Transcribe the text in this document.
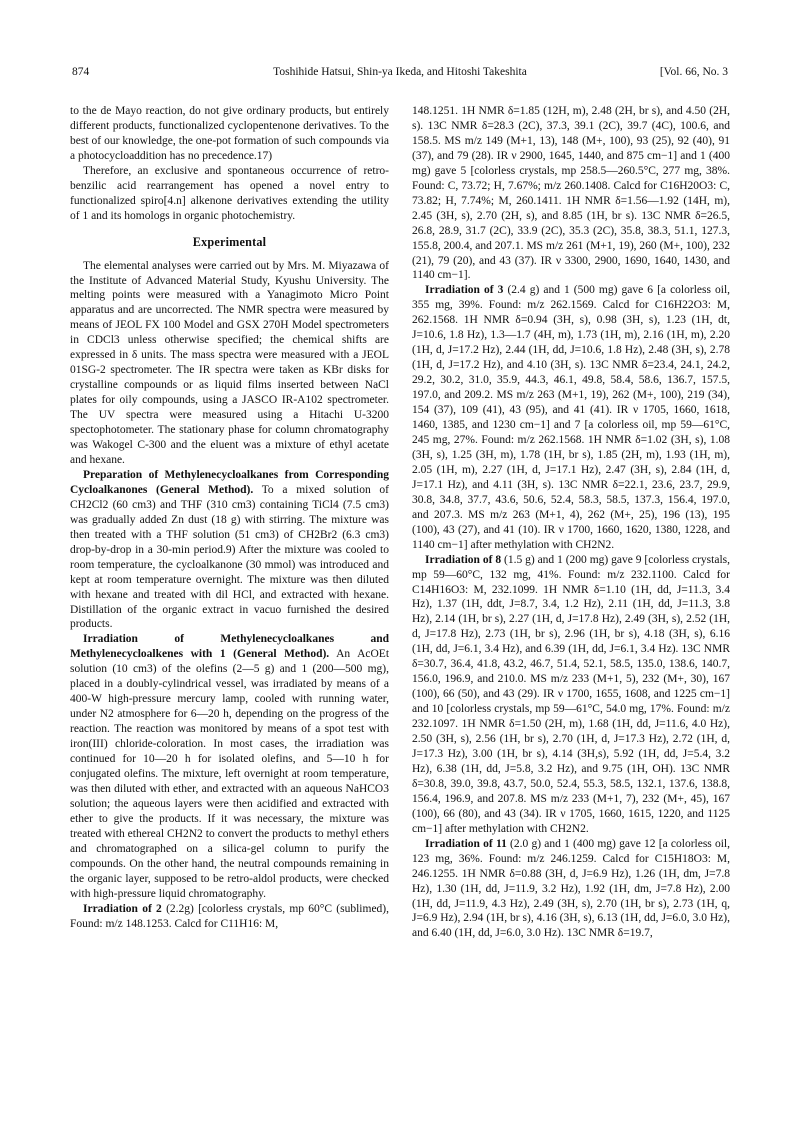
874	Toshihide Hatsui, Shin-ya Ikeda, and Hitoshi Takeshita	[Vol. 66, No. 3

to the de Mayo reaction, do not give ordinary products, but entirely different products, functionalized cyclopentenone derivatives. To the best of our knowledge, the one-pot formation of such compounds via a photocycloaddition has no precedence.17)

Therefore, an exclusive and spontaneous occurrence of retro-benzilic acid rearrangement has opened a novel entry to functionalized spiro[4.n] alkenone derivatives extending the utility of 1 and its homologs in organic photochemistry.

Experimental

The elemental analyses were carried out by Mrs. M. Miyazawa of the Institute of Advanced Material Study, Kyushu University. The melting points were measured with a Yanagimoto Micro Point apparatus and are uncorrected. The NMR spectra were measured by means of JEOL FX 100 Model and GSX 270H Model spectrometers in CDCl3 unless otherwise specified; the chemical shifts are expressed in δ units. The mass spectra were measured with a JEOL 01SG-2 spectrometer. The IR spectra were taken as KBr disks for crystalline compounds or as liquid films inserted between NaCl plates for oily compounds, using a JASCO IR-A102 spectrometer. The UV spectra were measured using a Hitachi U-3200 spectophotometer. The stationary phase for column chromatography was Wakogel C-300 and the eluent was a mixture of ethyl acetate and hexane.

Preparation of Methylenecycloalkanes from Corresponding Cycloalkanones (General Method). To a mixed solution of CH2Cl2 (60 cm3) and THF (310 cm3) containing TiCl4 (7.5 cm3) was gradually added Zn dust (18 g) with stirring. The mixture was then treated with a THF solution (51 cm3) of CH2Br2 (6.3 cm3) drop-by-drop in a 30-min period.9) After the mixture was cooled to room temperature, the cycloalkanone (30 mmol) was introduced and kept at room temperature overnight. The mixture was then diluted with hexane and treated with dil HCl, and extracted with hexane. Distillation of the organic extract in vacuo furnished the desired products.

Irradiation of Methylenecycloalkanes and Methylenecycloalkenes with 1 (General Method). An AcOEt solution (10 cm3) of the olefins (2—5 g) and 1 (200—500 mg), placed in a doubly-cylindrical vessel, was irradiated by means of a 400-W high-pressure mercury lamp, cooled with running water, under N2 atmosphere for 6—20 h, depending on the progress of the reaction. The reaction was monitored by means of a spot test with iron(III) chloride-coloration. In most cases, the irradiation was continued for 10—20 h for isolated olefins, and 5—10 h for conjugated olefins. The mixture, left overnight at room temperature, was then diluted with ether, and extracted with an aqueous NaHCO3 solution; the aqueous layers were then acidified and extracted with ether to give the products. If it was necessary, the mixture was treated with ethereal CH2N2 to convert the products to methyl ethers and chromatographed on a silica-gel column to purify the compounds. On the other hand, the neutral compounds remaining in the organic layer, supposed to be retro-aldol products, were checked with high-pressure liquid chromatography.

Irradiation of 2 (2.2g) [colorless crystals, mp 60°C (sublimed), Found: m/z 148.1253. Calcd for C11H16: M,

148.1251. 1H NMR δ=1.85 (12H, m), 2.48 (2H, br s), and 4.50 (2H, s). 13C NMR δ=28.3 (2C), 37.3, 39.1 (2C), 39.7 (4C), 100.6, and 158.5. MS m/z 149 (M+1, 13), 148 (M+, 100), 93 (25), 92 (40), 91 (37), and 79 (28). IR ν 2900, 1645, 1440, and 875 cm−1] and 1 (400 mg) gave 5 [colorless crystals, mp 258.5—260.5°C, 277 mg, 38%. Found: C, 73.72; H, 7.67%; m/z 260.1408. Calcd for C16H20O3: C, 73.82; H, 7.74%; M, 260.1411. 1H NMR δ=1.56—1.92 (14H, m), 2.45 (3H, s), 2.70 (2H, s), and 8.85 (1H, br s). 13C NMR δ=26.5, 26.8, 28.9, 31.7 (2C), 33.9 (2C), 35.3 (2C), 35.8, 38.3, 51.1, 127.3, 155.8, 200.4, and 207.1. MS m/z 261 (M+1, 19), 260 (M+, 100), 232 (21), 79 (20), and 43 (37). IR ν 3300, 2900, 1690, 1640, 1430, and 1140 cm−1].

Irradiation of 3 (2.4 g) and 1 (500 mg) gave 6 [a colorless oil, 355 mg, 39%. Found: m/z 262.1569. Calcd for C16H22O3: M, 262.1568. 1H NMR δ=0.94 (3H, s), 0.98 (3H, s), 1.23 (1H, dt, J=10.6, 1.8 Hz), 1.3—1.7 (4H, m), 1.73 (1H, m), 2.16 (1H, m), 2.20 (1H, d, J=17.2 Hz), 2.44 (1H, dd, J=10.6, 1.8 Hz), 2.48 (3H, s), 2.78 (1H, d, J=17.2 Hz), and 4.10 (3H, s). 13C NMR δ=23.4, 24.1, 24.2, 29.2, 30.2, 31.0, 35.9, 44.3, 46.1, 49.8, 58.4, 58.6, 136.7, 157.5, 197.0, and 209.2. MS m/z 263 (M+1, 19), 262 (M+, 100), 219 (34), 154 (37), 109 (41), 43 (95), and 41 (41). IR ν 1705, 1660, 1618, 1460, 1385, and 1230 cm−1] and 7 [a colorless oil, mp 59—61°C, 245 mg, 27%. Found: m/z 262.1568. 1H NMR δ=1.02 (3H, s), 1.08 (3H, s), 1.25 (3H, m), 1.78 (1H, br s), 1.85 (2H, m), 1.93 (1H, m), 2.05 (1H, m), 2.27 (1H, d, J=17.1 Hz), 2.47 (3H, s), 2.84 (1H, d, J=17.1 Hz), and 4.11 (3H, s). 13C NMR δ=22.1, 23.6, 23.7, 29.9, 30.8, 34.8, 37.7, 43.6, 50.6, 52.4, 58.3, 58.5, 137.3, 156.4, 197.0, and 207.3. MS m/z 263 (M+1, 4), 262 (M+, 25), 196 (13), 195 (100), 43 (27), and 41 (10). IR ν 1700, 1660, 1620, 1380, 1228, and 1140 cm−1] after methylation with CH2N2.

Irradiation of 8 (1.5 g) and 1 (200 mg) gave 9 [colorless crystals, mp 59—60°C, 132 mg, 41%. Found: m/z 232.1100. Calcd for C14H16O3: M, 232.1099. 1H NMR δ=1.10 (1H, dd, J=11.3, 3.4 Hz), 1.37 (1H, ddt, J=8.7, 3.4, 1.2 Hz), 2.11 (1H, dd, J=11.3, 3.8 Hz), 2.14 (1H, br s), 2.27 (1H, d, J=17.8 Hz), 2.49 (3H, s), 2.52 (1H, d, J=17.8 Hz), 2.73 (1H, br s), 2.96 (1H, br s), 4.18 (3H, s), 6.16 (1H, dd, J=6.1, 3.4 Hz), and 6.39 (1H, dd, J=6.1, 3.4 Hz). 13C NMR δ=30.7, 36.4, 41.8, 43.2, 46.7, 51.4, 52.1, 58.5, 135.0, 138.6, 140.7, 156.0, 196.9, and 210.0. MS m/z 233 (M+1, 5), 232 (M+, 30), 167 (100), 66 (50), and 43 (29). IR ν 1700, 1655, 1608, and 1225 cm−1] and 10 [colorless crystals, mp 59—61°C, 54.0 mg, 17%. Found: m/z 232.1097. 1H NMR δ=1.50 (2H, m), 1.68 (1H, dd, J=11.6, 4.0 Hz), 2.50 (3H, s), 2.56 (1H, br s), 2.70 (1H, d, J=17.3 Hz), 2.72 (1H, d, J=17.3 Hz), 3.00 (1H, br s), 4.14 (3H,s), 5.92 (1H, dd, J=5.4, 3.2 Hz), 6.38 (1H, dd, J=5.8, 3.2 Hz), and 9.75 (1H, OH). 13C NMR δ=30.8, 39.0, 39.8, 43.7, 50.0, 52.4, 55.3, 58.5, 132.1, 137.6, 138.8, 156.4, 196.9, and 207.8. MS m/z 233 (M+1, 7), 232 (M+, 45), 167 (100), 66 (80), and 43 (34). IR ν 1705, 1660, 1615, 1220, and 1125 cm−1] after methylation with CH2N2.

Irradiation of 11 (2.0 g) and 1 (400 mg) gave 12 [a colorless oil, 123 mg, 36%. Found: m/z 246.1259. Calcd for C15H18O3: M, 246.1255. 1H NMR δ=0.88 (3H, d, J=6.9 Hz), 1.26 (1H, dm, J=7.8 Hz), 1.30 (1H, dd, J=11.9, 3.2 Hz), 1.92 (1H, dm, J=7.8 Hz), 2.00 (1H, dd, J=11.9, 4.3 Hz), 2.49 (3H, s), 2.70 (1H, br s), 2.73 (1H, q, J=6.9 Hz), 2.94 (1H, br s), 4.16 (3H, s), 6.13 (1H, dd, J=6.0, 3.0 Hz), and 6.40 (1H, dd, J=6.0, 3.0 Hz). 13C NMR δ=19.7,
